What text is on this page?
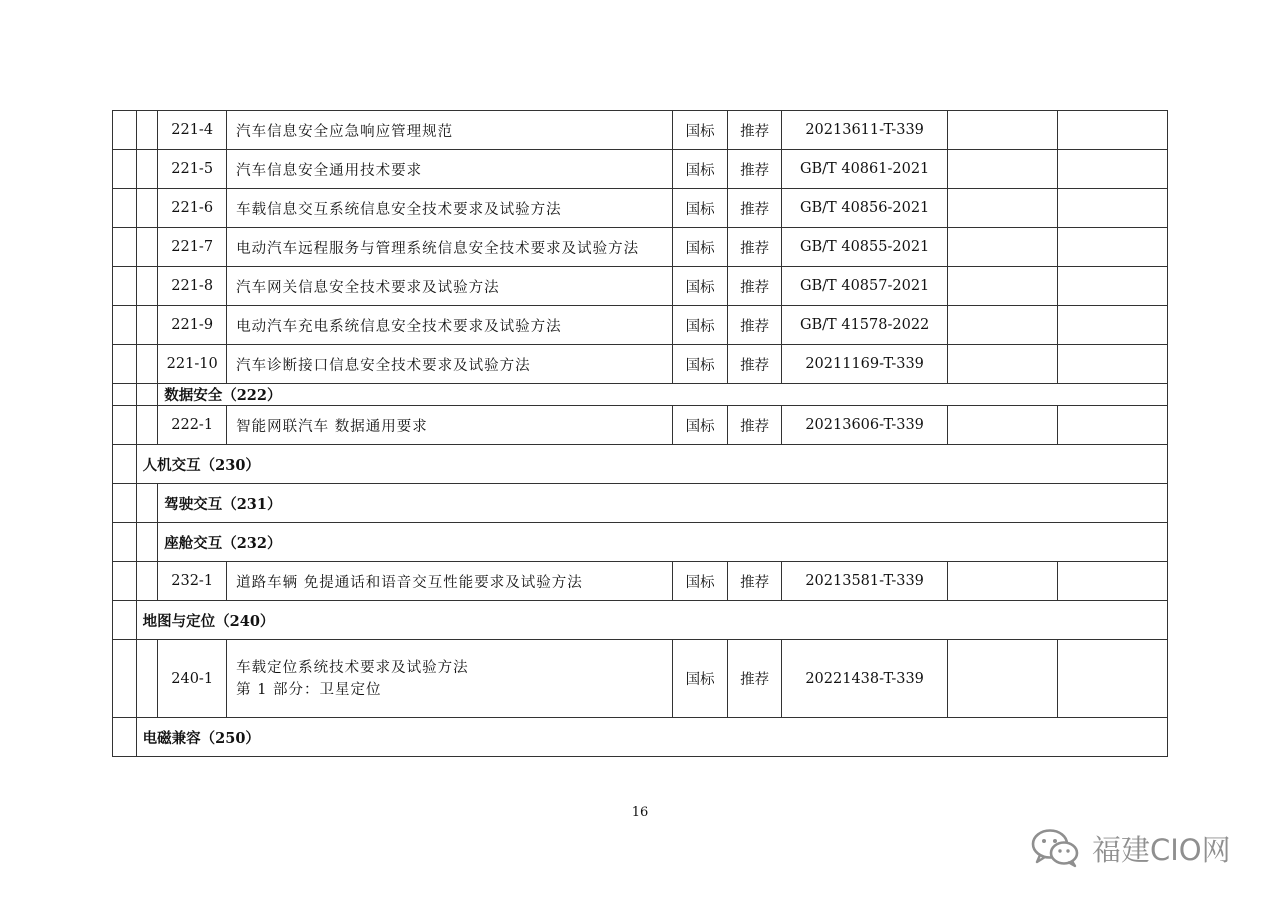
		221-4	汽车信息安全应急响应管理规范	国标	推荐	20213611-T-339		
		221-5	汽车信息安全通用技术要求	国标	推荐	GB/T 40861-2021		
		221-6	车载信息交互系统信息安全技术要求及试验方法	国标	推荐	GB/T 40856-2021		
		221-7	电动汽车远程服务与管理系统信息安全技术要求及试验方法	国标	推荐	GB/T 40855-2021		
		221-8	汽车网关信息安全技术要求及试验方法	国标	推荐	GB/T 40857-2021		
		221-9	电动汽车充电系统信息安全技术要求及试验方法	国标	推荐	GB/T 41578-2022		
		221-10	汽车诊断接口信息安全技术要求及试验方法	国标	推荐	20211169-T-339		
		数据安全（222）						
		222-1	智能网联汽车 数据通用要求	国标	推荐	20213606-T-339		
	人机交互（230）							
		驾驶交互（231）						
		座舱交互（232）						
		232-1	道路车辆 免提通话和语音交互性能要求及试验方法	国标	推荐	20213581-T-339		
	地图与定位（240）							
		240-1	车载定位系统技术要求及试验方法
第 1 部分：卫星定位	国标	推荐	20221438-T-339		
	电磁兼容（250）							
16
福建CIO网
